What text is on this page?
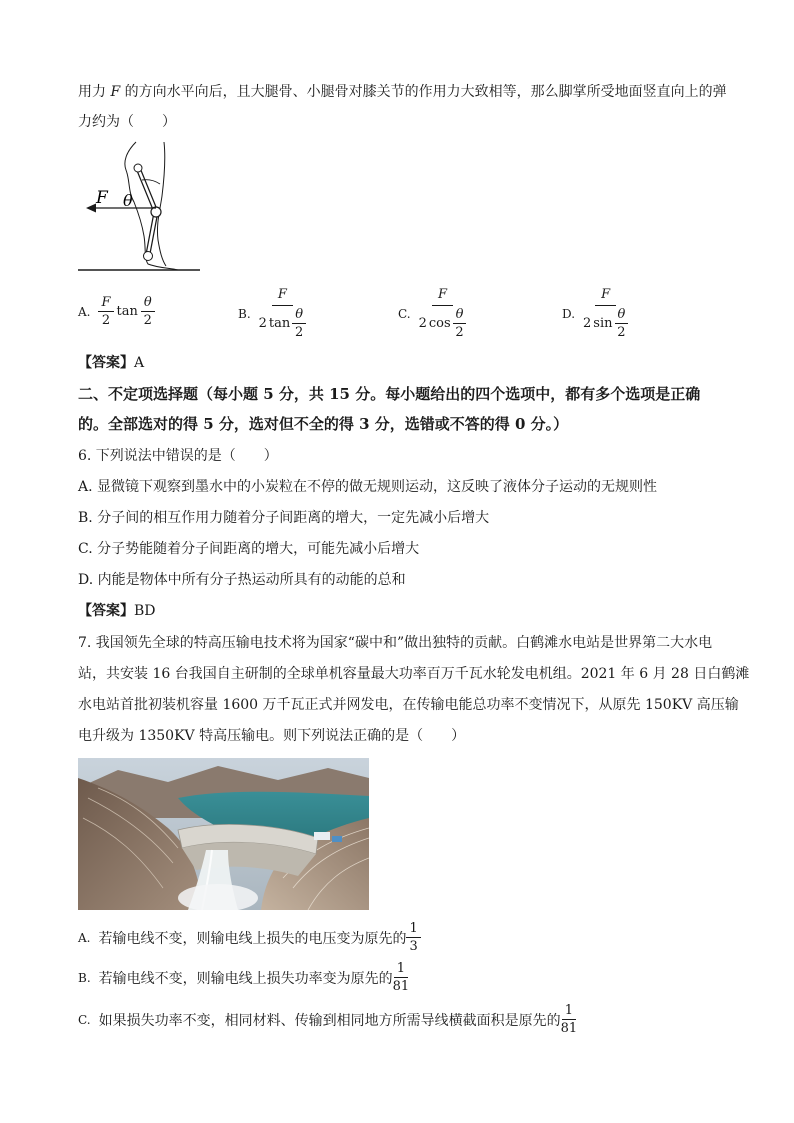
用力 F 的方向水平向后，且大腿骨、小腿骨对膝关节的作用力大致相等，那么脚掌所受地面竖直向上的弹
力约为（　　）
F θ
A. $\frac{F}{2}$ $\tan \frac{\theta}{2}$	B. $\frac{F}{2 \tan \frac{\theta}{2}}$	C. $\frac{F}{2 \cos \frac{\theta}{2}}$	D. $\frac{F}{2 \sin \frac{\theta}{2}}$
【答案】A
二、不定项选择题（每小题 5 分，共 15 分。每小题给出的四个选项中，都有多个选项是正确
的。全部选对的得 5 分，选对但不全的得 3 分，选错或不答的得 0 分。）
6. 下列说法中错误的是（　　）
A. 显微镜下观察到墨水中的小炭粒在不停的做无规则运动，这反映了液体分子运动的无规则性
B. 分子间的相互作用力随着分子间距离的增大，一定先减小后增大
C. 分子势能随着分子间距离的增大，可能先减小后增大
D. 内能是物体中所有分子热运动所具有的动能的总和
【答案】BD
7. 我国领先全球的特高压输电技术将为国家“碳中和”做出独特的贡献。白鹤滩水电站是世界第二大水电
站，共安装 16 台我国自主研制的全球单机容量最大功率百万千瓦水轮发电机组。2021 年 6 月 28 日白鹤滩
水电站首批初装机容量 1600 万千瓦正式并网发电，在传输电能总功率不变情况下，从原先 150KV 高压输
电升级为 1350KV 特高压输电。则下列说法正确的是（　　）
A. 若输电线不变，则输电线上损失的电压变为原先的 $\frac{1}{3}$
B. 若输电线不变，则输电线上损失功率变为原先的 $\frac{1}{81}$
C. 如果损失功率不变，相同材料、传输到相同地方所需导线横截面积是原先的 $\frac{1}{81}$
